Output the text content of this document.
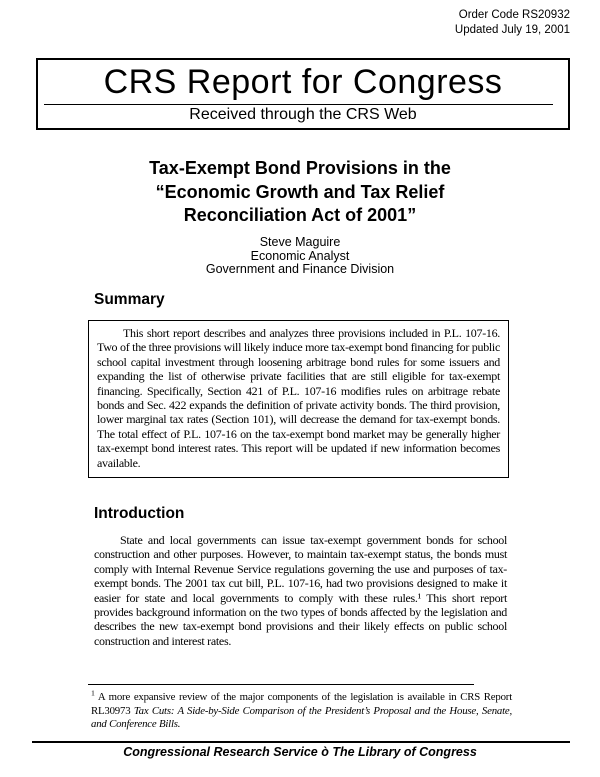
Order Code RS20932
Updated July 19, 2001
CRS Report for Congress
Received through the CRS Web
Tax-Exempt Bond Provisions in the
“Economic Growth and Tax Relief
Reconciliation Act of 2001”
Steve Maguire
Economic Analyst
Government and Finance Division
Summary
This short report describes and analyzes three provisions included in P.L. 107-16. Two of the three provisions will likely induce more tax-exempt bond financing for public school capital investment through loosening arbitrage bond rules for some issuers and expanding the list of otherwise private facilities that are still eligible for tax-exempt financing. Specifically, Section 421 of P.L. 107-16 modifies rules on arbitrage rebate bonds and Sec. 422 expands the definition of private activity bonds. The third provision, lower marginal tax rates (Section 101), will decrease the demand for tax-exempt bonds. The total effect of P.L. 107-16 on the tax-exempt bond market may be generally higher tax-exempt bond interest rates. This report will be updated if new information becomes available.
Introduction
State and local governments can issue tax-exempt government bonds for school construction and other purposes. However, to maintain tax-exempt status, the bonds must comply with Internal Revenue Service regulations governing the use and purposes of tax-exempt bonds. The 2001 tax cut bill, P.L. 107-16, had two provisions designed to make it easier for state and local governments to comply with these rules.¹ This short report provides background information on the two types of bonds affected by the legislation and describes the new tax-exempt bond provisions and their likely effects on public school construction and interest rates.
$^1$ A more expansive review of the major components of the legislation is available in CRS Report RL30973 Tax Cuts: A Side-by-Side Comparison of the President’s Proposal and the House, Senate, and Conference Bills.
Congressional Research Service ò The Library of Congress
